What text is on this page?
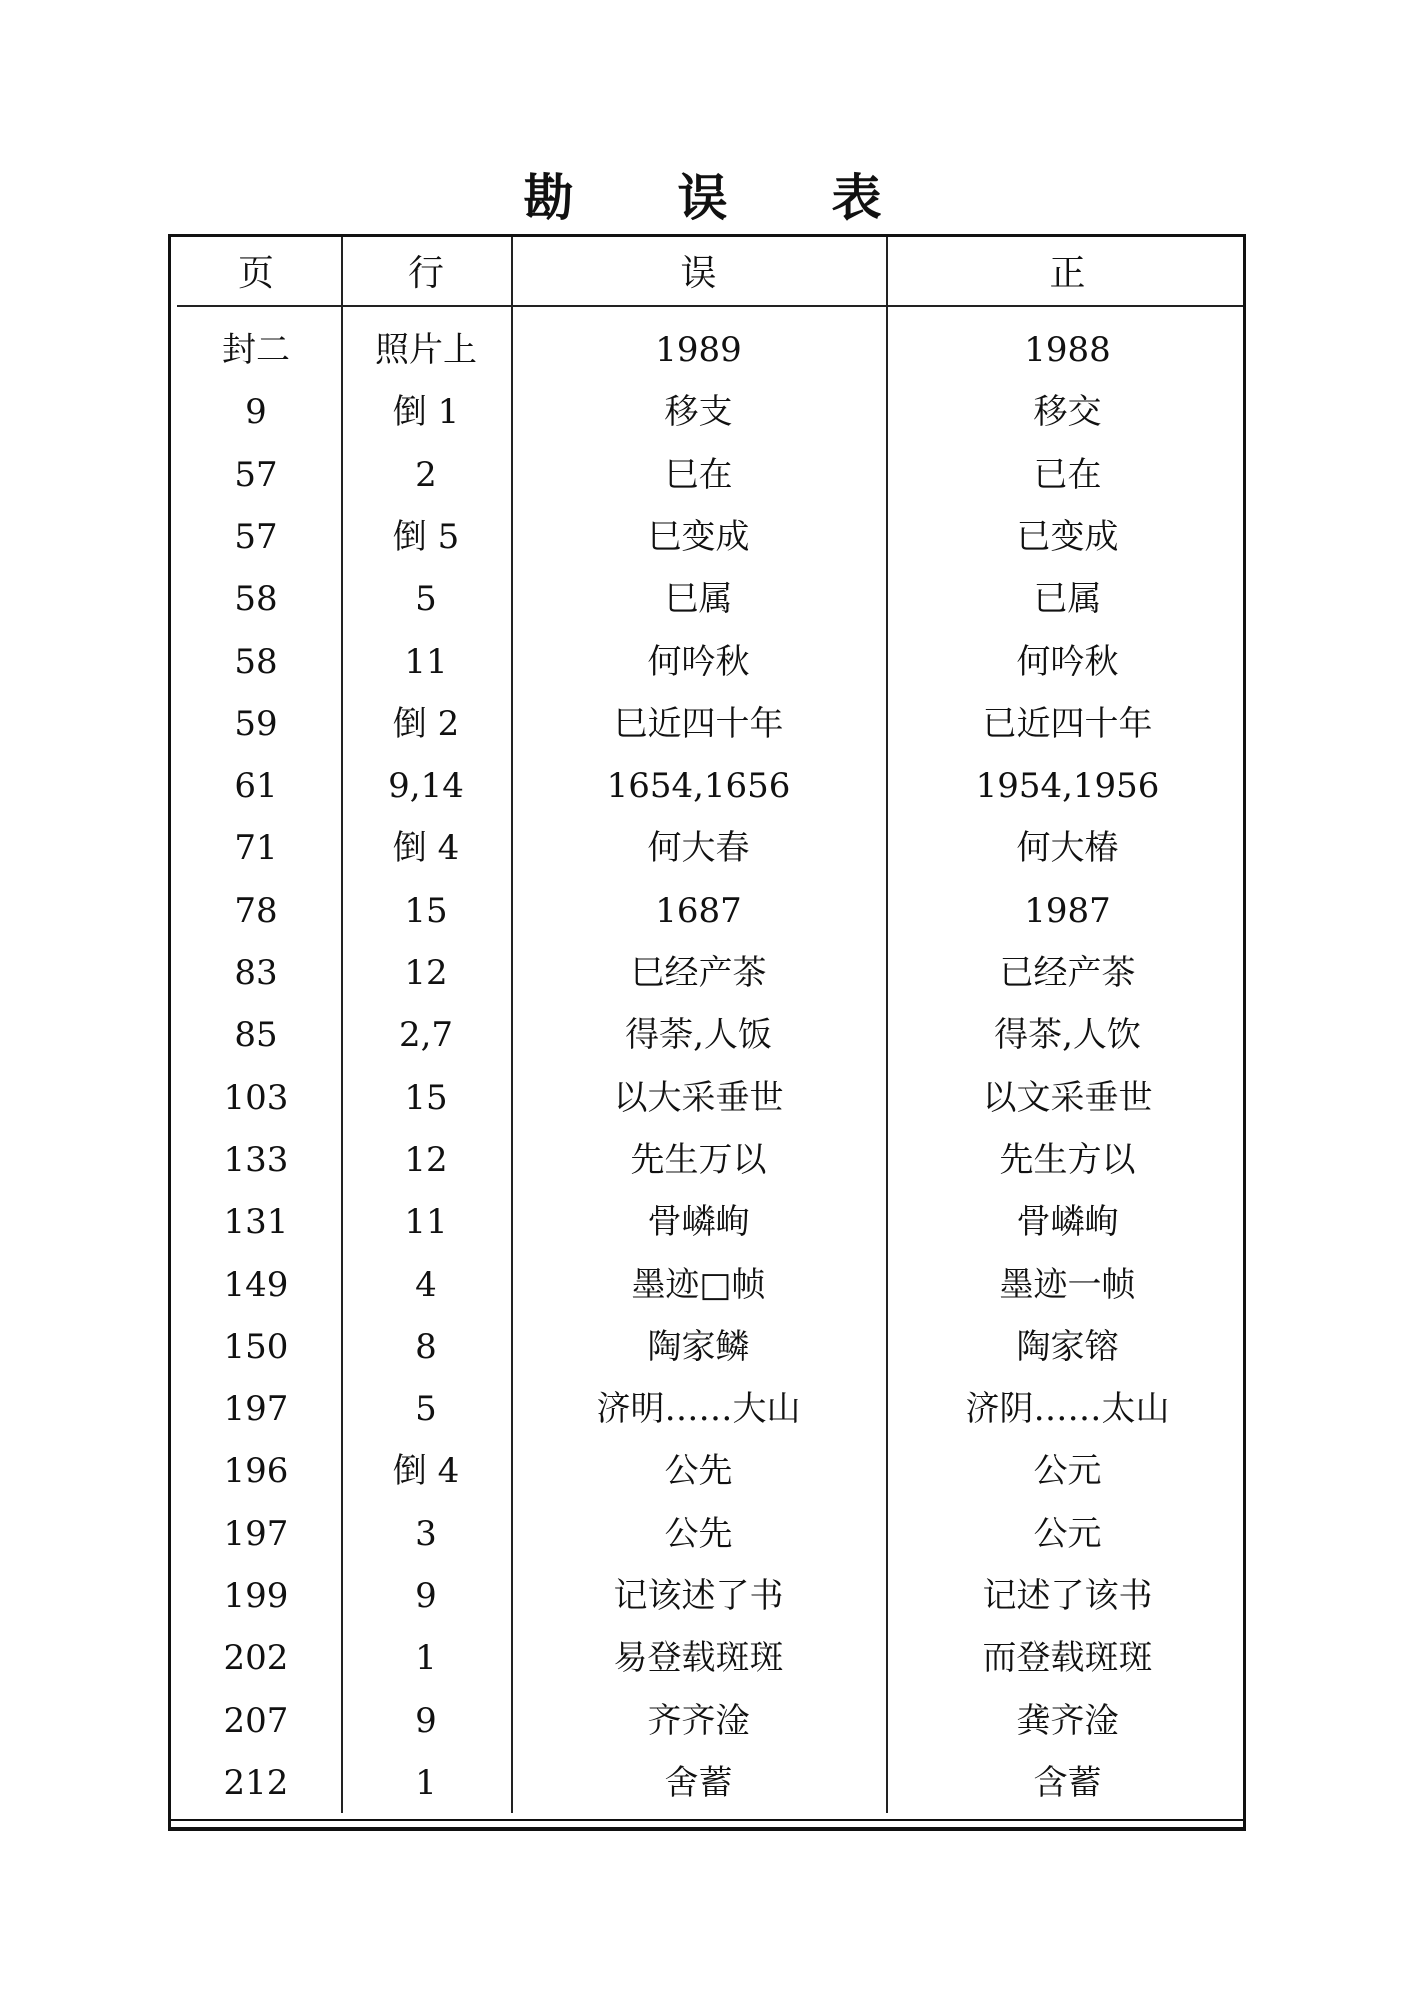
勘 误 表
页	行	误	正
封二	照片上	1989	1988
9	倒 1	移支	移交
57	2	巳在	已在
57	倒 5	巳变成	已变成
58	5	巳属	已属
58	11	何吟秋	何吟秋
59	倒 2	巳近四十年	已近四十年
61	9,14	1654,1656	1954,1956
71	倒 4	何大春	何大椿
78	15	1687	1987
83	12	巳经产茶	已经产茶
85	2,7	得荼,人饭	得茶,人饮
103	15	以大采垂世	以文采垂世
133	12	先生万以	先生方以
131	11	骨嶙峋	骨嶙峋
149	4	墨迹□帧	墨迹一帧
150	8	陶家鳞	陶家镕
197	5	济明……大山	济阴……太山
196	倒 4	公先	公元
197	3	公先	公元
199	9	记该述了书	记述了该书
202	1	易登载斑斑	而登载斑斑
207	9	齐齐淦	龚齐淦
212	1	舍蓄	含蓄
